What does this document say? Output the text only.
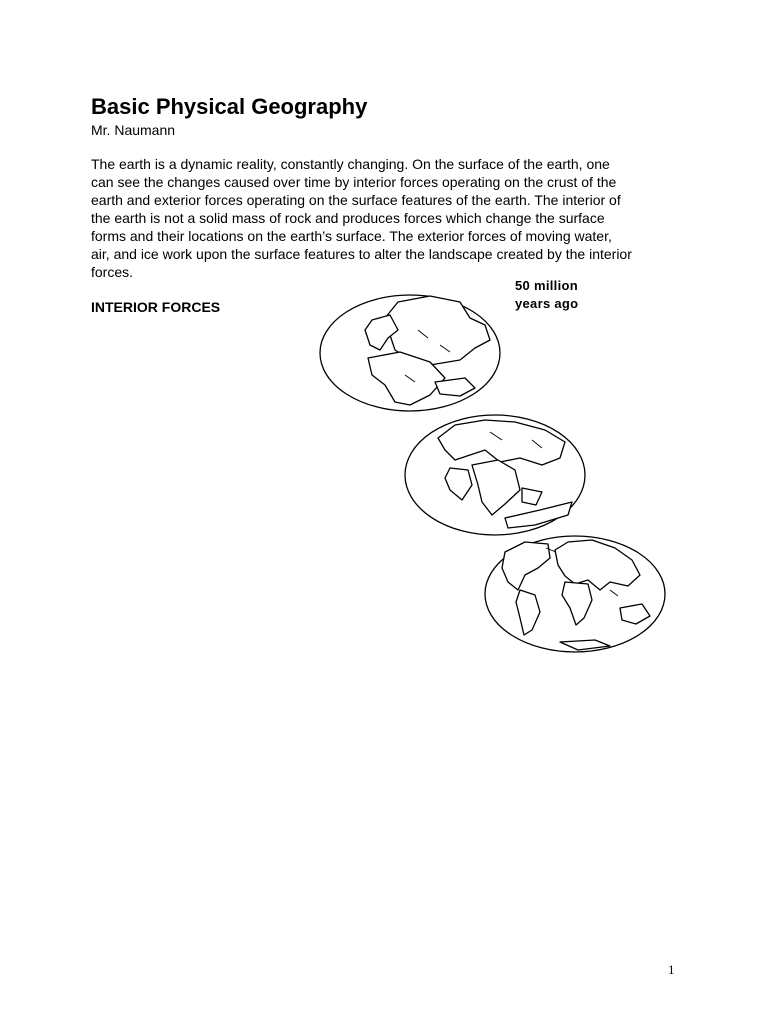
Basic Physical Geography
Mr. Naumann

The earth is a dynamic reality, constantly changing. On the surface of the earth, one
can see the changes caused over time by interior forces operating on the crust of the
earth and exterior forces operating on the surface features of the earth. The interior of
the earth is not a solid mass of rock and produces forces which change the surface
forms and their locations on the earth’s surface. The exterior forces of moving water,
air, and ice work upon the surface features to alter the landscape created by the interior
forces.

INTERIOR FORCES
50 million
years ago
1
